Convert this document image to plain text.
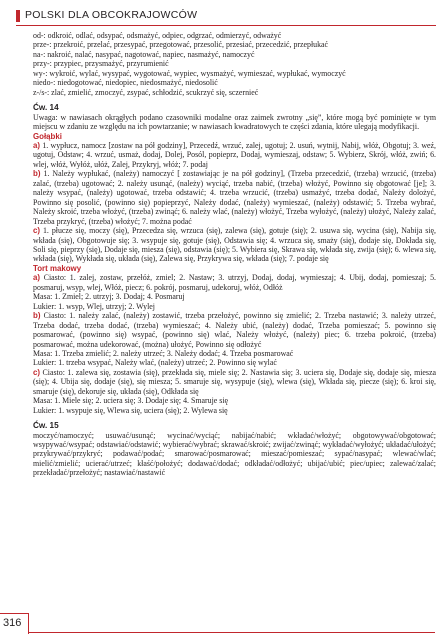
POLSKI DLA OBCOKRAJOWCÓW

od-: odkroić, odlać, odsypać, odsmażyć, odpiec, odgrzać, odmierzyć, odważyć

prze-: przekroić, przelać, przesypać, przegotować, przesolić, przesiać, przecedzić, przepłukać

na-: nakroić, nalać, nasypać, nagotować, napiec, nasmażyć, namoczyć

przy-: przypiec, przysmażyć, przyrumienić

wy-: wykroić, wylać, wysypać, wygotować, wypiec, wysmażyć, wymieszać, wypłukać, wymoczyć

niedo-: niedogotować, niedopiec, niedosmażyć, niedosolić

z-/s-: zlać, zmielić, zmoczyć, zsypać, schłodzić, scukrzyć się, sczernieć

Ćw. 14

Uwaga: w nawiasach okrągłych podano czasowniki modalne oraz zaimek zwrotny „się”, które mogą być pominięte w tym miejscu w zdaniu ze względu na ich powtarzanie; w nawiasach kwadratowych te części zdania, które ulegają modyfikacji.

Gołąbki

a) 1. wypłucz, namocz [zostaw na pół godziny], Przecedź, wrzuć, zalej, ugotuj; 2. usuń, wytnij, Nabij, włóż, Obgotuj; 3. weź, ugotuj, Odstaw; 4. wrzuć, usmaż, dodaj, Dolej, Posól, popieprz, Dodaj, wymieszaj, odstaw; 5. Wybierz, Skrój, włóż, zwiń; 6. wlej, włóż, Wyłóż, ułóż, Zalej, Przykryj, włóż; 7. podaj

b) 1. Należy wypłukać, (należy) namoczyć [ zostawiając je na pół godziny], (Trzeba przecedzić, (trzeba) wrzucić, (trzeba) zalać, (trzeba) ugotować; 2. należy usunąć, (należy) wyciąć, trzeba nabić, (trzeba) włożyć, Powinno się obgotować [je]; 3. należy wsypać, (należy) ugotować, trzeba odstawić; 4. trzeba wrzucić, (trzeba) usmażyć, trzeba dodać, Należy dolożyć, Powinno się posolić, (powinno się) popieprzyć, Należy dodać, (należy) wymieszać, (należy) odstawić; 5. Trzeba wybrać, Należy skroić, trzeba włożyć, (trzeba) zwinąć; 6. należy wlać, (należy) włożyć, Trzeba wyłożyć, (należy) ułożyć, Należy zalać, Trzeba przykryć, (trzeba) włożyć; 7. można podać

c) 1. płucze się, moczy (się), Przecedza się, wrzuca (się), zalewa (się), gotuje (się); 2. usuwa się, wycina (się), Nabija się, wkłada (się), Obgotowuje się; 3. wsypuje się, gotuje (się), Odstawia się; 4. wrzuca się, smaży (się), dodaje się, Dokłada się, Soli się, pieprzy (się), Dodaje się, miesza (się), odstawia (się); 5. Wybiera się, Skrawa się, wkłada się, zwija (się); 6. wlewa się, wkłada (się), Wykłada się, układa (się), Zalewa się, Przykrywa się, wkłada (się); 7. podaje się

Tort makowy

a) Ciasto: 1. zalej, zostaw, przełóż, zmiel; 2. Nastaw; 3. utrzyj, Dodaj, dodaj, wymieszaj; 4. Ubij, dodaj, pomieszaj; 5. posmaruj, wsyp, wlej, Włóż, piecz; 6. pokrój, posmaruj, udekoruj, włóż, Odłóż

Masa: 1. Zmiel; 2. utrzyj; 3. Dodaj; 4. Posmaruj

Lukier: 1. wsyp, Wlej, utrzyj; 2. Wylej

b) Ciasto: 1. należy zalać, (należy) zostawić, trzeba przełożyć, powinno się zmielić; 2. Trzeba nastawić; 3. należy utrzeć, Trzeba dodać, trzeba dodać, (trzeba) wymieszać; 4. Należy ubić, (należy) dodać, Trzeba pomieszać; 5. powinno się posmarować, (powinno się) wsypać, (powinno się) wlać, Należy włożyć, (należy) piec; 6. trzeba pokroić, (trzeba) posmarować, można udekorować, (można) ułożyć, Powinno się odłożyć

Masa: 1. Trzeba zmielić; 2. należy utrzeć; 3. Należy dodać; 4. Trzeba posmarować

Lukier: 1. trzeba wsypać, Należy wlać, (należy) utrzeć; 2. Powinno się wylać

c) Ciasto: 1. zalewa się, zostawia (się), przekłada się, miele się; 2. Nastawia się; 3. uciera się, Dodaje się, dodaje się, miesza (się); 4. Ubija się, dodaje (się), się miesza; 5. smaruje się, wysypuje (się), wlewa (się), Wkłada się, piecze (się); 6. kroi się, smaruje (się), dekoruje się, układa (się), Odkłada się

Masa: 1. Miele się; 2. uciera się; 3. Dodaje się; 4. Smaruje się

Lukier: 1. wsypuje się, Wlewa się, uciera (się); 2. Wylewa się

Ćw. 15

moczyć/namoczyć; usuwać/usunąć; wycinać/wyciąć; nabijać/nabić; wkładać/włożyć; obgotowywać/obgotować; wsypywać/wsypać; odstawiać/odstawić; wybierać/wybrać; skrawać/skroić; zwijać/zwinąć; wykładać/wyłożyć; układać/ułożyć; przykrywać/przykryć; podawać/podać; smarować/posmarować; mieszać/pomieszać; sypać/nasypać; wlewać/wlać; mielić/zmielić; ucierać/utrzeć; kłaść/położyć; dodawać/dodać; odkładać/odłożyć; ubijać/ubić; piec/upiec; zalewać/zalać; przekładać/przełożyć; nastawiać/nastawić

316
